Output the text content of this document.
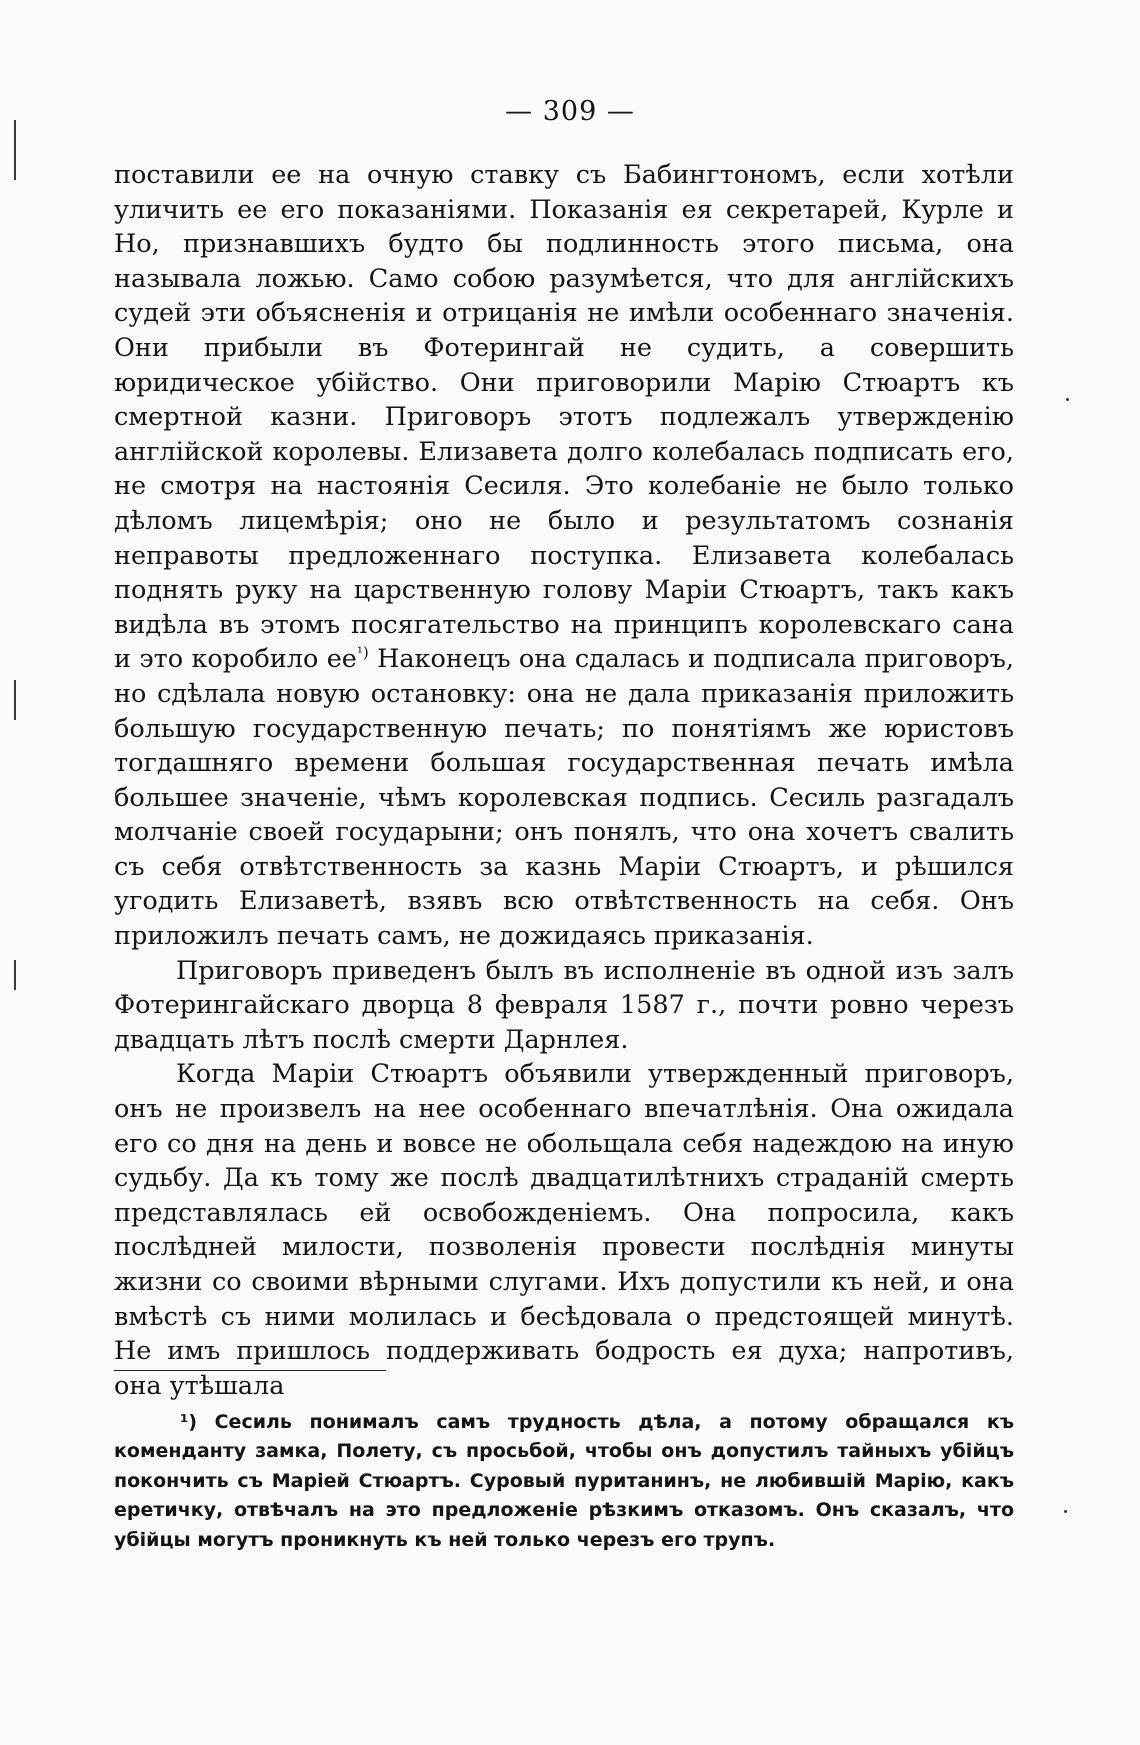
— 309 —

поставили ее на очную ставку съ Бабингтономъ, если хотѣли уличить ее его показаніями. Показанія ея секретарей, Курле и Но, признавшихъ будто бы подлинность этого письма, она называла ложью. Само собою разумѣется, что для англійскихъ судей эти объясненія и отрицанія не имѣли особеннаго значенія. Они прибыли въ Фотерингай не судить, а совершить юридическое убійство. Они приговорили Марію Стюартъ къ смертной казни. Приговоръ этотъ подлежалъ утвержденію англійской королевы. Елизавета долго колебалась подписать его, не смотря на настоянія Сесиля. Это колебаніе не было только дѣломъ лицемѣрія; оно не было и результатомъ сознанія неправоты предложеннаго поступка. Елизавета колебалась поднять руку на царственную голову Маріи Стюартъ, такъ какъ видѣла въ этомъ посягательство на принципъ королевскаго сана и это коробило $ее^{^1)}$ Наконецъ она сдалась и подписала приговоръ, но сдѣлала новую остановку: она не дала приказанія приложить большую государственную печать; по понятіямъ же юристовъ тогдашняго времени большая государственная печать имѣла большее значеніе, чѣмъ королевская подпись. Сесиль разгадалъ молчаніе своей государыни; онъ понялъ, что она хочетъ свалить съ себя отвѣтственность за казнь Маріи Стюартъ, и рѣшился угодить Елизаветѣ, взявъ всю отвѣтственность на себя. Онъ приложилъ печать самъ, не дожидаясь приказанія.

Приговоръ приведенъ былъ въ исполненіе въ одной изъ залъ Фотерингайскаго дворца 8 февраля 1587 г., почти ровно черезъ двадцать лѣтъ послѣ смерти Дарнлея.

Когда Маріи Стюартъ объявили утвержденный приговоръ, онъ не произвелъ на нее особеннаго впечатлѣнія. Она ожидала его со дня на день и вовсе не обольщала себя надеждою на иную судьбу. Да къ тому же послѣ двадцатилѣтнихъ страданій смерть представлялась ей освобожденіемъ. Она попросила, какъ послѣдней милости, позволенія провести послѣднія минуты жизни со своими вѣрными слугами. Ихъ допустили къ ней, и она вмѣстѣ съ ними молилась и бесѣдовала о предстоящей минутѣ. Не имъ пришлось поддерживать бодрость ея духа; напротивъ, она утѣшала

¹) Сесиль понималъ самъ трудность дѣла, а потому обращался къ коменданту замка, Полету, съ просьбой, чтобы онъ допустилъ тайныхъ убійцъ покончить съ Маріей Стюартъ. Суровый пуританинъ, не любившій Марію, какъ еретичку, отвѣчалъ на это предложеніе рѣзкимъ отказомъ. Онъ сказалъ, что убійцы могутъ проникнуть къ ней только черезъ его трупъ.
